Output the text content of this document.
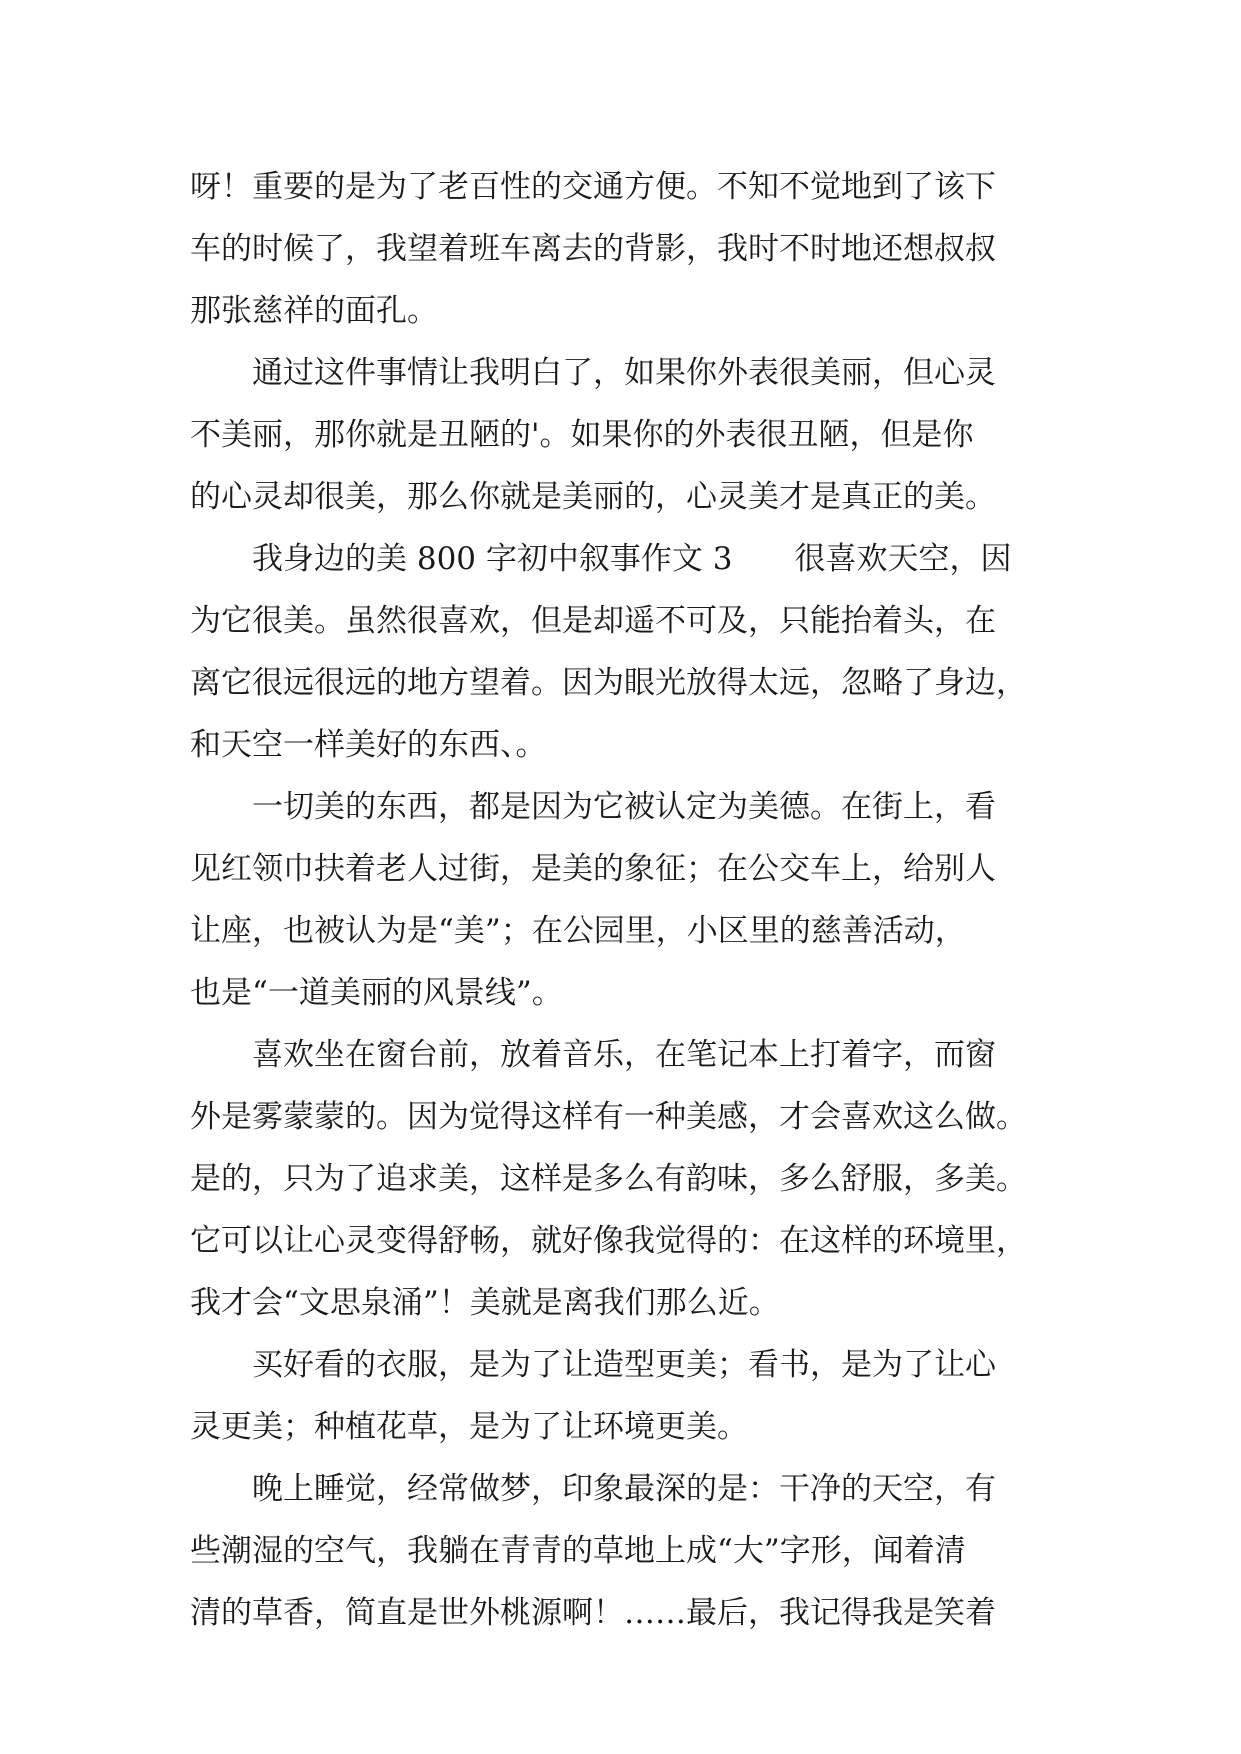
呀！重要的是为了老百性的交通方便。不知不觉地到了该下
车的时候了，我望着班车离去的背影，我时不时地还想叔叔
那张慈祥的面孔。
　　通过这件事情让我明白了，如果你外表很美丽，但心灵
不美丽，那你就是丑陋的'。如果你的外表很丑陋，但是你
的心灵却很美，那么你就是美丽的，心灵美才是真正的美。
　　我身边的美 800 字初中叙事作文 3　　很喜欢天空，因
为它很美。虽然很喜欢，但是却遥不可及，只能抬着头，在
离它很远很远的地方望着。因为眼光放得太远，忽略了身边，
和天空一样美好的东西、。
　　一切美的东西，都是因为它被认定为美德。在街上，看
见红领巾扶着老人过街，是美的象征；在公交车上，给别人
让座，也被认为是“美”；在公园里，小区里的慈善活动，
也是“一道美丽的风景线”。
　　喜欢坐在窗台前，放着音乐，在笔记本上打着字，而窗
外是雾蒙蒙的。因为觉得这样有一种美感，才会喜欢这么做。
是的，只为了追求美，这样是多么有韵味，多么舒服，多美。
它可以让心灵变得舒畅，就好像我觉得的：在这样的环境里，
我才会“文思泉涌”！美就是离我们那么近。
　　买好看的衣服，是为了让造型更美；看书，是为了让心
灵更美；种植花草，是为了让环境更美。
　　晚上睡觉，经常做梦，印象最深的是：干净的天空，有
些潮湿的空气，我躺在青青的草地上成“大”字形，闻着清
清的草香，简直是世外桃源啊！……最后，我记得我是笑着
